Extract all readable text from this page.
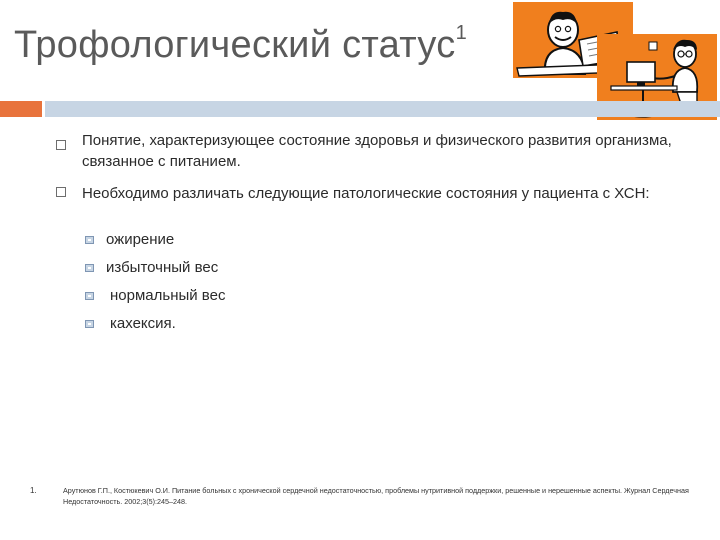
Трофологический статус$^1$
Понятие, характеризующее состояние здоровья и физического развития организма, связанное с питанием.
Необходимо различать следующие патологические состояния у пациента с ХСН:
ожирение
избыточный вес
нормальный вес
кахексия.
1.	Арутюнов Г.П., Костюкевич О.И. Питание больных с хронической сердечной недостаточностью, проблемы нутритивной поддержки, решенные и нерешенные аспекты. Журнал Сердечная Недостаточность. 2002;3(5):245–248.
